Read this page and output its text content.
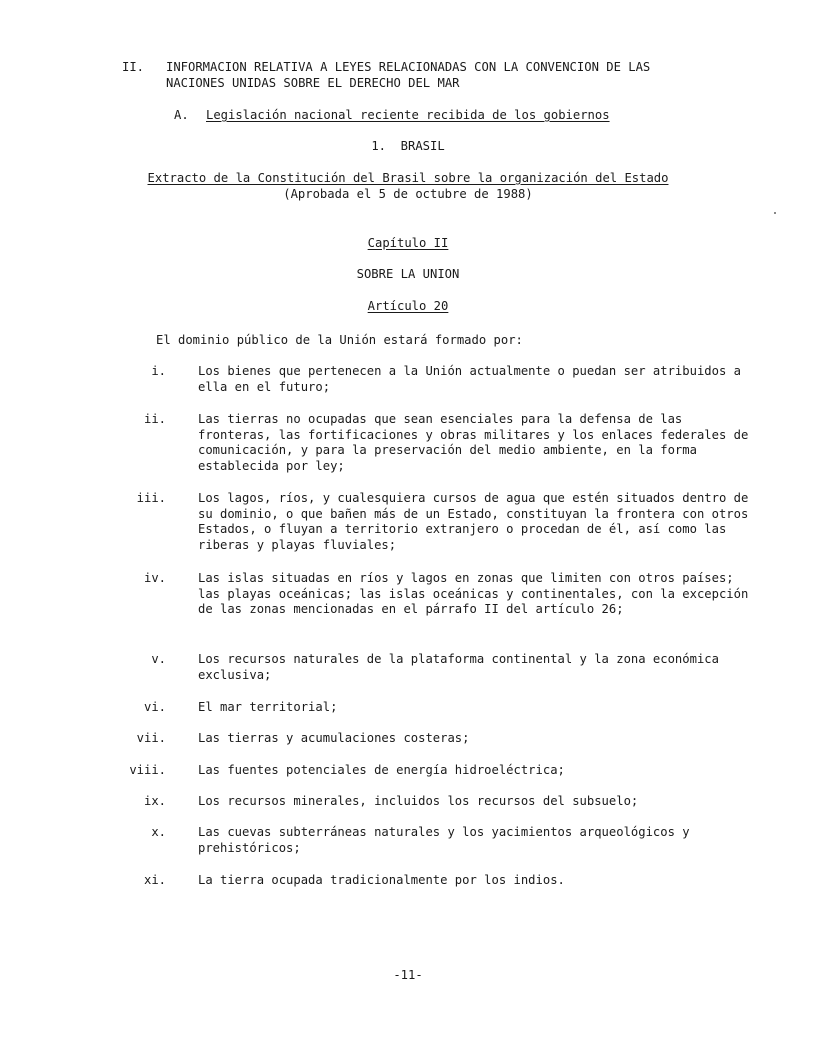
II. INFORMACION RELATIVA A LEYES RELACIONADAS CON LA CONVENCION DE LAS
NACIONES UNIDAS SOBRE EL DERECHO DEL MAR
A. Legislación nacional reciente recibida de los gobiernos
1.  BRASIL
Extracto de la Constitución del Brasil sobre la organización del Estado
(Aprobada el 5 de octubre de 1988)
Capítulo II
SOBRE LA UNION
Artículo 20
El dominio público de la Unión estará formado por:
i.	Los bienes que pertenecen a la Unión actualmente o puedan ser atribuidos a ella en el futuro;
ii.	Las tierras no ocupadas que sean esenciales para la defensa de las fronteras, las fortificaciones y obras militares y los enlaces federales de comunicación, y para la preservación del medio ambiente, en la forma establecida por ley;
iii.	Los lagos, ríos, y cualesquiera cursos de agua que estén situados dentro de su dominio, o que bañen más de un Estado, constituyan la frontera con otros Estados, o fluyan a territorio extranjero o procedan de él, así como las riberas y playas fluviales;
iv.	Las islas situadas en ríos y lagos en zonas que limiten con otros países; las playas oceánicas; las islas oceánicas y continentales, con la excepción de las zonas mencionadas en el párrafo II del artículo 26;
v.	Los recursos naturales de la plataforma continental y la zona económica exclusiva;
vi.	El mar territorial;
vii.	Las tierras y acumulaciones costeras;
viii.	Las fuentes potenciales de energía hidroeléctrica;
ix.	Los recursos minerales, incluidos los recursos del subsuelo;
x.	Las cuevas subterráneas naturales y los yacimientos arqueológicos y prehistóricos;
xi.	La tierra ocupada tradicionalmente por los indios.
-11-
